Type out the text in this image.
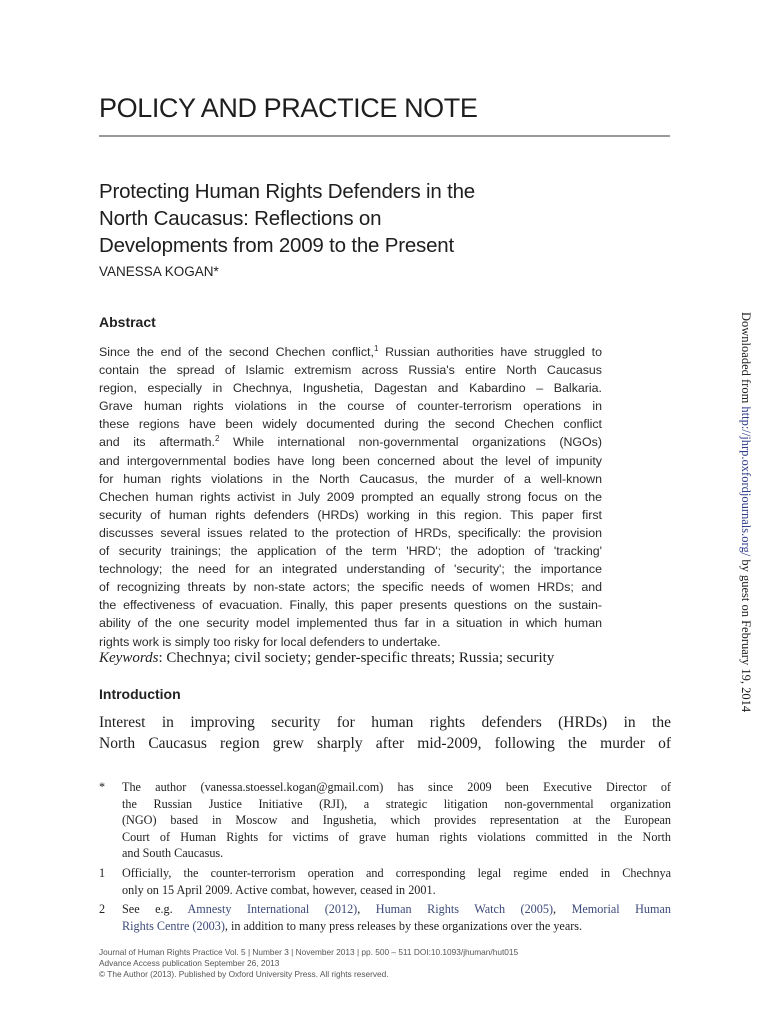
POLICY AND PRACTICE NOTE
Protecting Human Rights Defenders in the
North Caucasus: Reflections on
Developments from 2009 to the Present
VANESSA KOGAN*
Abstract
Since the end of the second Chechen conflict,$^1$ Russian authorities have struggled to
contain the spread of Islamic extremism across Russia's entire North Caucasus
region, especially in Chechnya, Ingushetia, Dagestan and Kabardino – Balkaria.
Grave human rights violations in the course of counter-terrorism operations in
these regions have been widely documented during the second Chechen conflict
and its aftermath.$^2$ While international non-governmental organizations (NGOs)
and intergovernmental bodies have long been concerned about the level of impunity
for human rights violations in the North Caucasus, the murder of a well-known
Chechen human rights activist in July 2009 prompted an equally strong focus on the
security of human rights defenders (HRDs) working in this region. This paper first
discusses several issues related to the protection of HRDs, specifically: the provision
of security trainings; the application of the term 'HRD'; the adoption of 'tracking'
technology; the need for an integrated understanding of 'security'; the importance
of recognizing threats by non-state actors; the specific needs of women HRDs; and
the effectiveness of evacuation. Finally, this paper presents questions on the sustain-
ability of the one security model implemented thus far in a situation in which human
rights work is simply too risky for local defenders to undertake.
Keywords: Chechnya; civil society; gender-specific threats; Russia; security
Introduction
Interest in improving security for human rights defenders (HRDs) in the
North Caucasus region grew sharply after mid-2009, following the murder of
*	The author (vanessa.stoessel.kogan@gmail.com) has since 2009 been Executive Director of
the Russian Justice Initiative (RJI), a strategic litigation non-governmental organization
(NGO) based in Moscow and Ingushetia, which provides representation at the European
Court of Human Rights for victims of grave human rights violations committed in the North
and South Caucasus.
1	Officially, the counter-terrorism operation and corresponding legal regime ended in Chechnya
only on 15 April 2009. Active combat, however, ceased in 2001.
2	See e.g. Amnesty International (2012), Human Rights Watch (2005), Memorial Human
Rights Centre (2003), in addition to many press releases by these organizations over the years.
Journal of Human Rights Practice Vol. 5 | Number 3 | November 2013 | pp. 500 – 511 DOI:10.1093/jhuman/hut015
Advance Access publication September 26, 2013
© The Author (2013). Published by Oxford University Press. All rights reserved.
Downloaded from http://jhrp.oxfordjournals.org/ by guest on February 19, 2014
